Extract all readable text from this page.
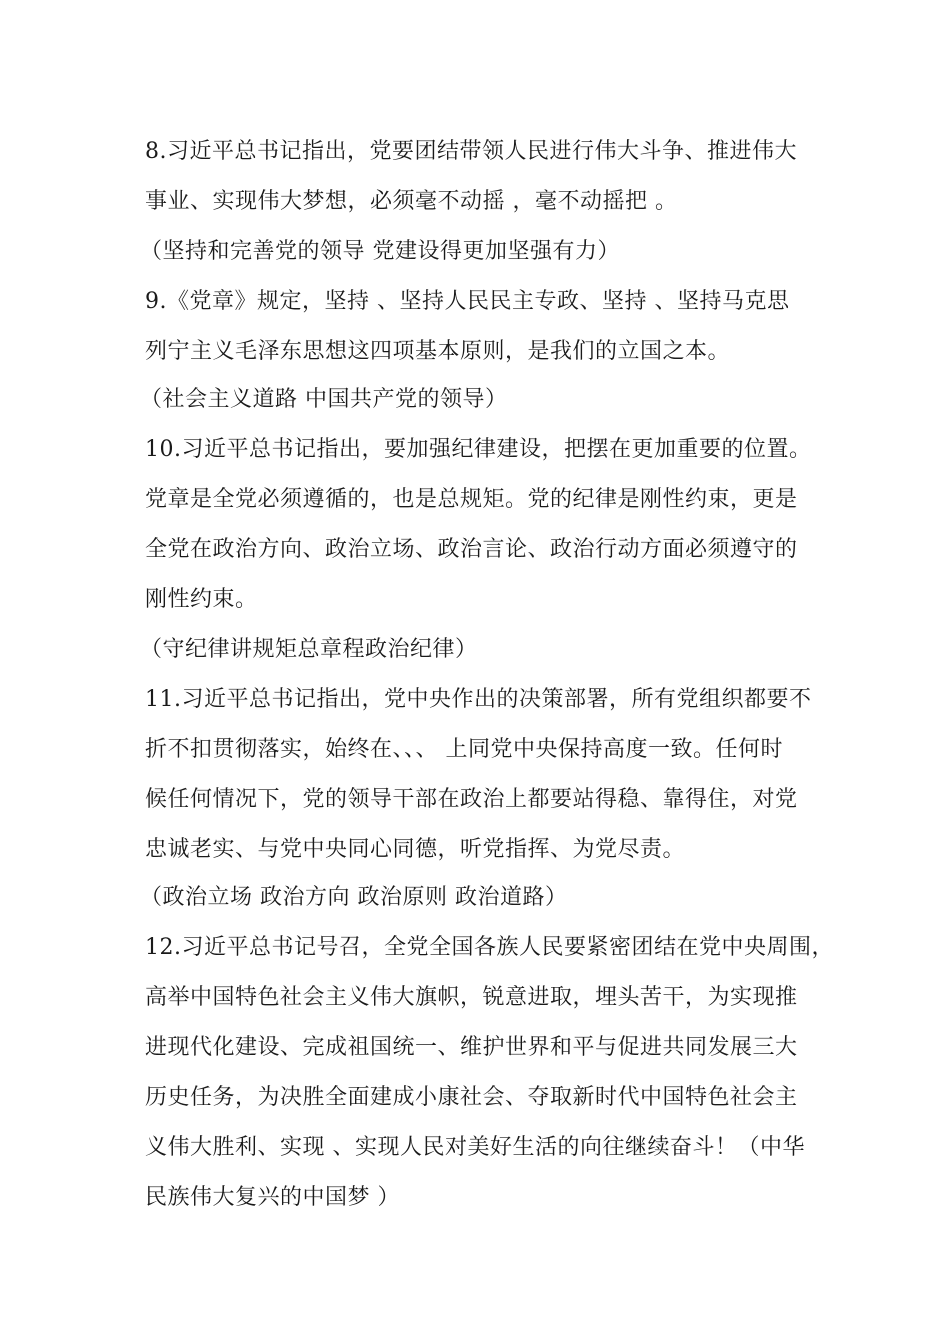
8.习近平总书记指出，党要团结带领人民进行伟大斗争、推进伟大
事业、实现伟大梦想，必须毫不动摇 ，毫不动摇把 。
（坚持和完善党的领导 党建设得更加坚强有力）
9.《党章》规定，坚持 、坚持人民民主专政、坚持 、坚持马克思
列宁主义毛泽东思想这四项基本原则，是我们的立国之本。
（社会主义道路 中国共产党的领导）
10.习近平总书记指出，要加强纪律建设，把摆在更加重要的位置。
党章是全党必须遵循的，也是总规矩。党的纪律是刚性约束，更是
全党在政治方向、政治立场、政治言论、政治行动方面必须遵守的
刚性约束。
（守纪律讲规矩总章程政治纪律）
11.习近平总书记指出，党中央作出的决策部署，所有党组织都要不
折不扣贯彻落实，始终在、、、 上同党中央保持高度一致。任何时
候任何情况下，党的领导干部在政治上都要站得稳、靠得住，对党
忠诚老实、与党中央同心同德，听党指挥、为党尽责。
（政治立场 政治方向 政治原则 政治道路）
12.习近平总书记号召，全党全国各族人民要紧密团结在党中央周围，
高举中国特色社会主义伟大旗帜，锐意进取，埋头苦干，为实现推
进现代化建设、完成祖国统一、维护世界和平与促进共同发展三大
历史任务，为决胜全面建成小康社会、夺取新时代中国特色社会主
义伟大胜利、实现 、实现人民对美好生活的向往继续奋斗！（中华
民族伟大复兴的中国梦 ）
